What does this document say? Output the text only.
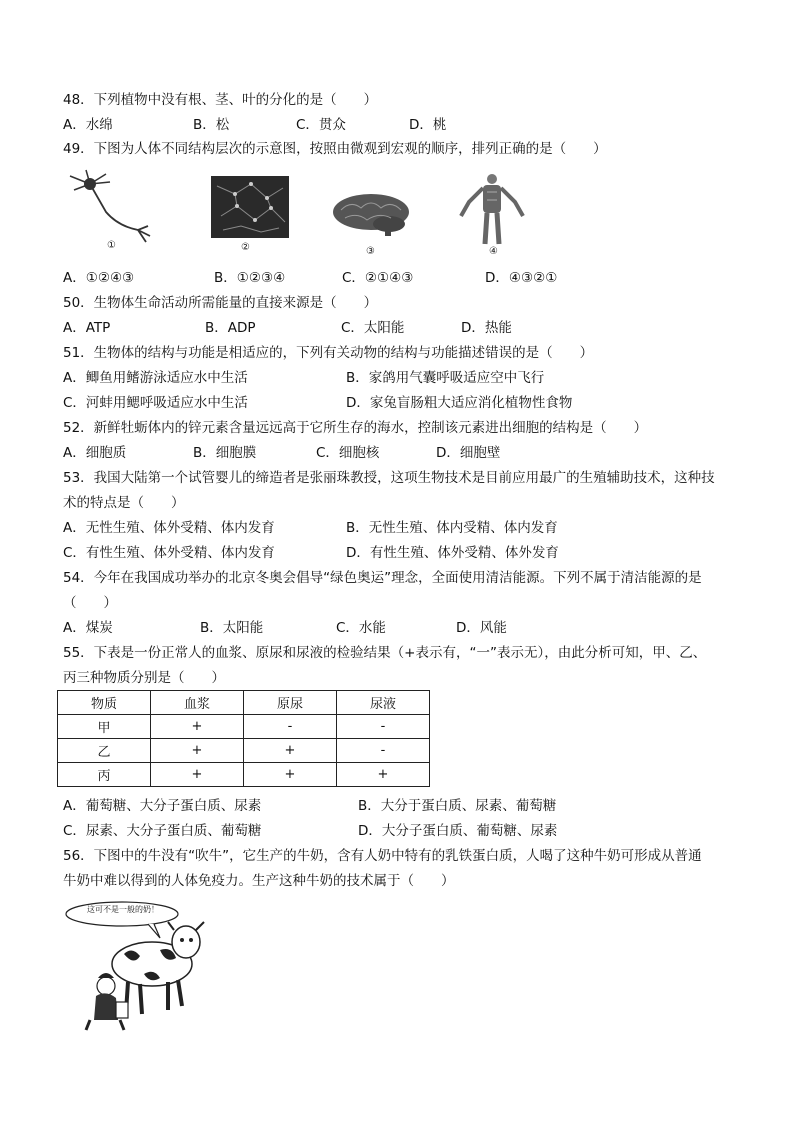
48．下列植物中没有根、茎、叶的分化的是（　　）
A．水绵	B．松	C．贯众	D．桃
49．下图为人体不同结构层次的示意图，按照由微观到宏观的顺序，排列正确的是（　　）
①	②	③	④
A．①②④③	B．①②③④	C．②①④③	D．④③②①
50．生物体生命活动所需能量的直接来源是（　　）
A．ATP	B．ADP	C．太阳能	D．热能
51．生物体的结构与功能是相适应的，下列有关动物的结构与功能描述错误的是（　　）
A．鲫鱼用鳍游泳适应水中生活	B．家鸽用气囊呼吸适应空中飞行
C．河蚌用鳃呼吸适应水中生活	D．家兔盲肠粗大适应消化植物性食物
52．新鲜牡蛎体内的锌元素含量远远高于它所生存的海水，控制该元素进出细胞的结构是（　　）
A．细胞质	B．细胞膜	C．细胞核	D．细胞壁
53．我国大陆第一个试管婴儿的缔造者是张丽珠教授，这项生物技术是目前应用最广的生殖辅助技术，这种技
术的特点是（　　）
A．无性生殖、体外受精、体内发育	B．无性生殖、体内受精、体内发育
C．有性生殖、体外受精、体内发育	D．有性生殖、体外受精、体外发育
54．今年在我国成功举办的北京冬奥会倡导“绿色奥运”理念，全面使用清洁能源。下列不属于清洁能源的是
（　　）
A．煤炭	B．太阳能	C．水能	D．风能
55．下表是一份正常人的血浆、原尿和尿液的检验结果（+表示有，“一”表示无），由此分析可知，甲、乙、
丙三种物质分别是（　　）
物质	血浆	原尿	尿液
甲	+	-	-
乙	+	+	-
丙	+	+	+
A．葡萄糖、大分子蛋白质、尿素	B．大分于蛋白质、尿素、葡萄糖
C．尿素、大分子蛋白质、葡萄糖	D．大分子蛋白质、葡萄糖、尿素
56．下图中的牛没有“吹牛”，它生产的牛奶，含有人奶中特有的乳铁蛋白质，人喝了这种牛奶可形成从普通
牛奶中难以得到的人体免疫力。生产这种牛奶的技术属于（　　）
这可不是一般的奶！
